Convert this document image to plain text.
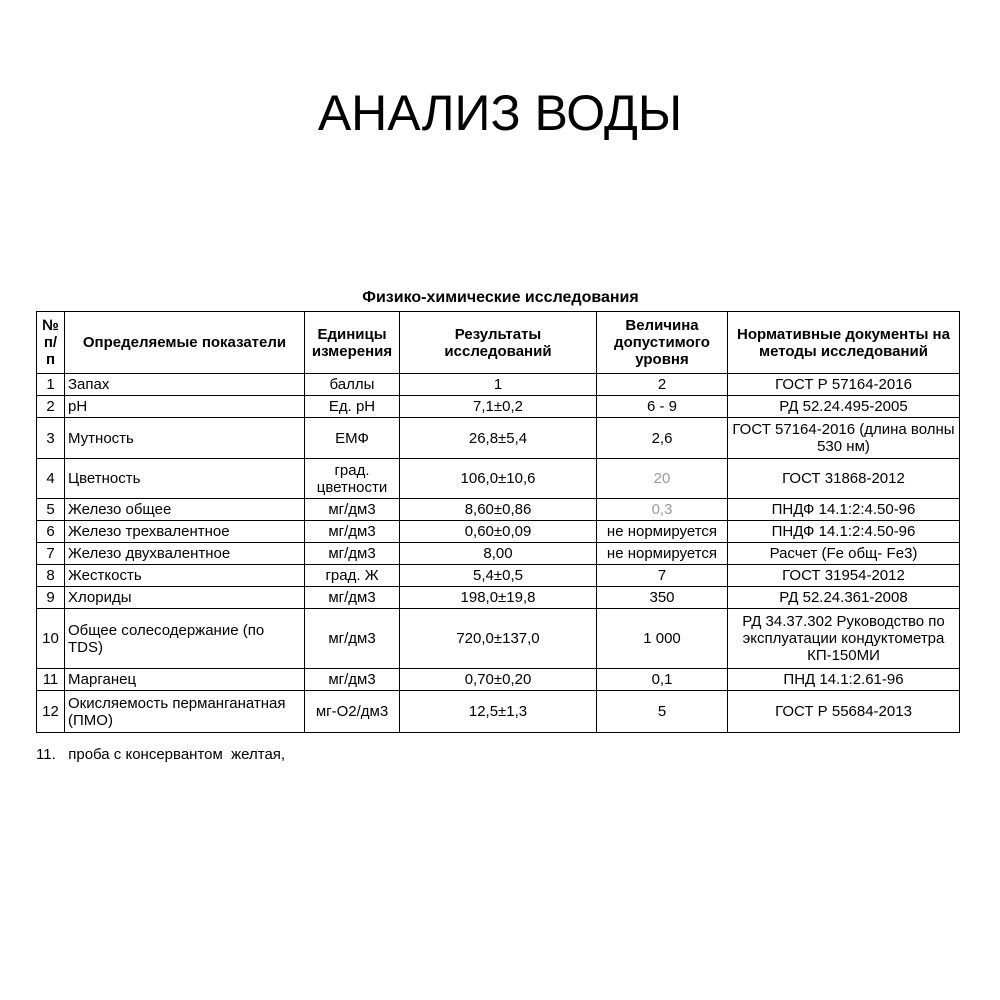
АНАЛИЗ ВОДЫ
Физико-химические исследования
№ п/п	Определяемые показатели	Единицы измерения	Результаты исследований	Величина допустимого уровня	Нормативные документы на методы исследований
1	Запах	баллы	1	2	ГОСТ Р 57164-2016
2	pH	Ед. pH	7,1±0,2	6 - 9	РД 52.24.495-2005
3	Мутность	ЕМФ	26,8±5,4	2,6	ГОСТ 57164-2016 (длина волны 530 нм)
4	Цветность	град. цветности	106,0±10,6	20	ГОСТ 31868-2012
5	Железо общее	мг/дм3	8,60±0,86	0,3	ПНДФ 14.1:2:4.50-96
6	Железо трехвалентное	мг/дм3	0,60±0,09	не нормируется	ПНДФ 14.1:2:4.50-96
7	Железо двухвалентное	мг/дм3	8,00	не нормируется	Расчет (Fe общ- Fe3)
8	Жесткость	град. Ж	5,4±0,5	7	ГОСТ 31954-2012
9	Хлориды	мг/дм3	198,0±19,8	350	РД 52.24.361-2008
10	Общее солесодержание (по TDS)	мг/дм3	720,0±137,0	1 000	РД 34.37.302 Руководство по эксплуатации кондуктометра КП-150МИ
11	Марганец	мг/дм3	0,70±0,20	0,1	ПНД 14.1:2.61-96
12	Окисляемость перманганатная (ПМО)	мг-О2/дм3	12,5±1,3	5	ГОСТ Р 55684-2013
11.   проба с консервантом  желтая,
